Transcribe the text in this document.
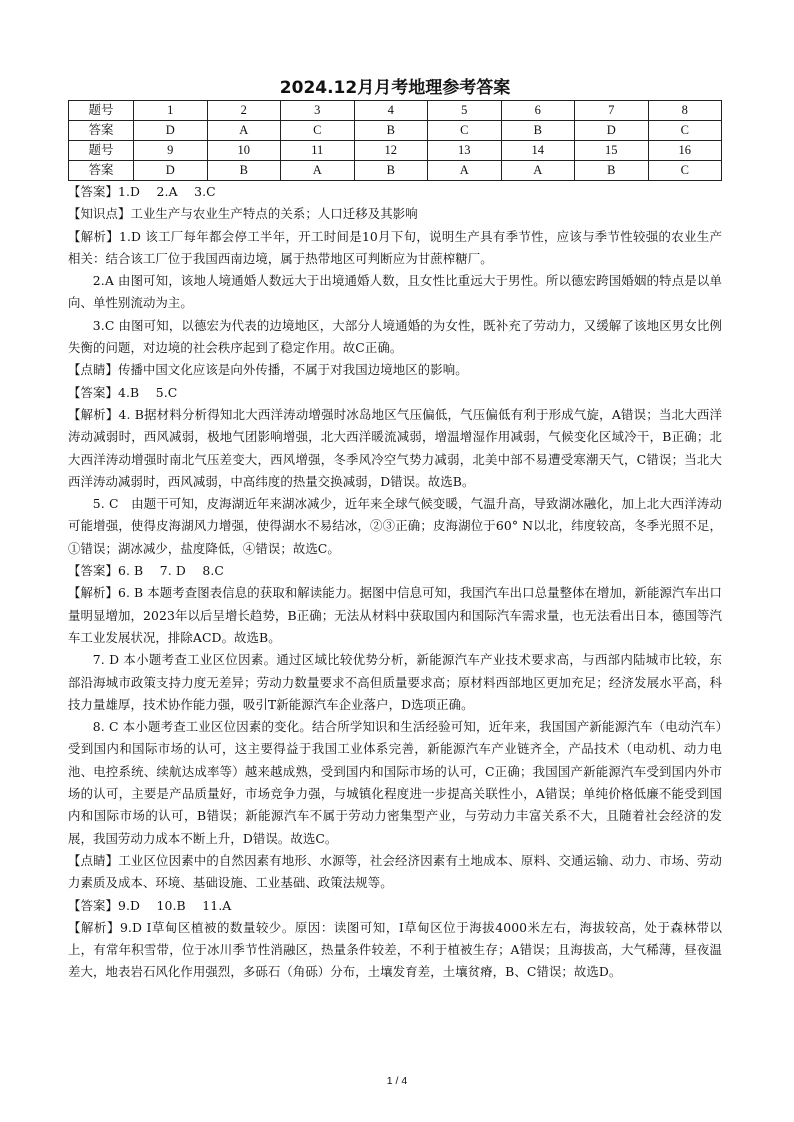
2024.12月月考地理参考答案
题号	1	2	3	4	5	6	7	8
答案	D	A	C	B	C	B	D	C
题号	9	10	11	12	13	14	15	16
答案	D	B	A	B	A	A	B	C

【答案】1.D　 2.A　 3.C

【知识点】工业生产与农业生产特点的关系；人口迁移及其影响

【解析】1.D 该工厂每年都会停工半年，开工时间是10月下旬，说明生产具有季节性，应该与季节性较强的农业生产相关：结合该工厂位于我国西南边境，属于热带地区可判断应为甘蔗榨糖厂。

2.A 由图可知，该地人境通婚人数远大于出境通婚人数，且女性比重远大于男性。所以德宏跨国婚姻的特点是以单向、单性别流动为主。

3.C 由图可知，以德宏为代表的边境地区，大部分人境通婚的为女性，既补充了劳动力，又缓解了该地区男女比例失衡的问题，对边境的社会秩序起到了稳定作用。故C正确。

【点睛】传播中国文化应该是向外传播，不属于对我国边境地区的影响。

【答案】4.B　 5.C

【解析】4. B据材料分析得知北大西洋涛动增强时冰岛地区气压偏低，气压偏低有利于形成气旋，A错误；当北大西洋涛动减弱时，西风减弱，极地气团影响增强，北大西洋暖流减弱，增温增湿作用减弱，气候变化区域冷干，B正确；北大西洋涛动增强时南北气压差变大，西风增强，冬季风冷空气势力减弱，北美中部不易遭受寒潮天气，C错误；当北大西洋涛动减弱时，西风减弱，中高纬度的热量交换减弱，D错误。故选B。

5. C　由题干可知，皮海湖近年来湖冰减少，近年来全球气候变暖，气温升高，导致湖冰融化，加上北大西洋涛动可能增强，使得皮海湖风力增强，使得湖水不易结冰，②③正确；皮海湖位于60° N以北，纬度较高，冬季光照不足，①错误；湖冰减少，盐度降低，④错误；故选C。

【答案】6. B　 7. D　 8.C

【解析】6. B 本题考查图表信息的获取和解读能力。据图中信息可知，我国汽车出口总量整体在增加，新能源汽车出口量明显增加，2023年以后呈增长趋势，B正确；无法从材料中获取国内和国际汽车需求量，也无法看出日本，德国等汽车工业发展状况，排除ACD。故选B。

7. D 本小题考查工业区位因素。通过区域比较优势分析，新能源汽车产业技术要求高，与西部内陆城市比较，东部沿海城市政策支持力度无差异；劳动力数量要求不高但质量要求高；原材料西部地区更加充足；经济发展水平高，科技力量雄厚，技术协作能力强，吸引T新能源汽车企业落户，D选项正确。

8. C 本小题考查工业区位因素的变化。结合所学知识和生活经验可知，近年来，我国国产新能源汽车（电动汽车）受到国内和国际市场的认可，这主要得益于我国工业体系完善，新能源汽车产业链齐全，产品技术（电动机、动力电池、电控系统、续航达成率等）越来越成熟，受到国内和国际市场的认可，C正确；我国国产新能源汽车受到国内外市场的认可，主要是产品质量好，市场竞争力强，与城镇化程度进一步提高关联性小，A错误；单纯价格低廉不能受到国内和国际市场的认可，B错误；新能源汽车不属于劳动力密集型产业，与劳动力丰富关系不大，且随着社会经济的发展，我国劳动力成本不断上升，D错误。故选C。

【点睛】工业区位因素中的自然因素有地形、水源等，社会经济因素有土地成本、原料、交通运输、动力、市场、劳动力素质及成本、环境、基础设施、工业基础、政策法规等。

【答案】9.D　 10.B　 11.A

【解析】9.D Ⅰ草甸区植被的数量较少。原因：读图可知，Ⅰ草甸区位于海拔4000米左右，海拔较高，处于森林带以上，有常年积雪带，位于冰川季节性消融区，热量条件较差，不利于植被生存；A错误；且海拔高，大气稀薄，昼夜温差大，地表岩石风化作用强烈，多砾石（角砾）分布，土壤发育差，土壤贫瘠，B、C错误；故选D。

1 / 4
